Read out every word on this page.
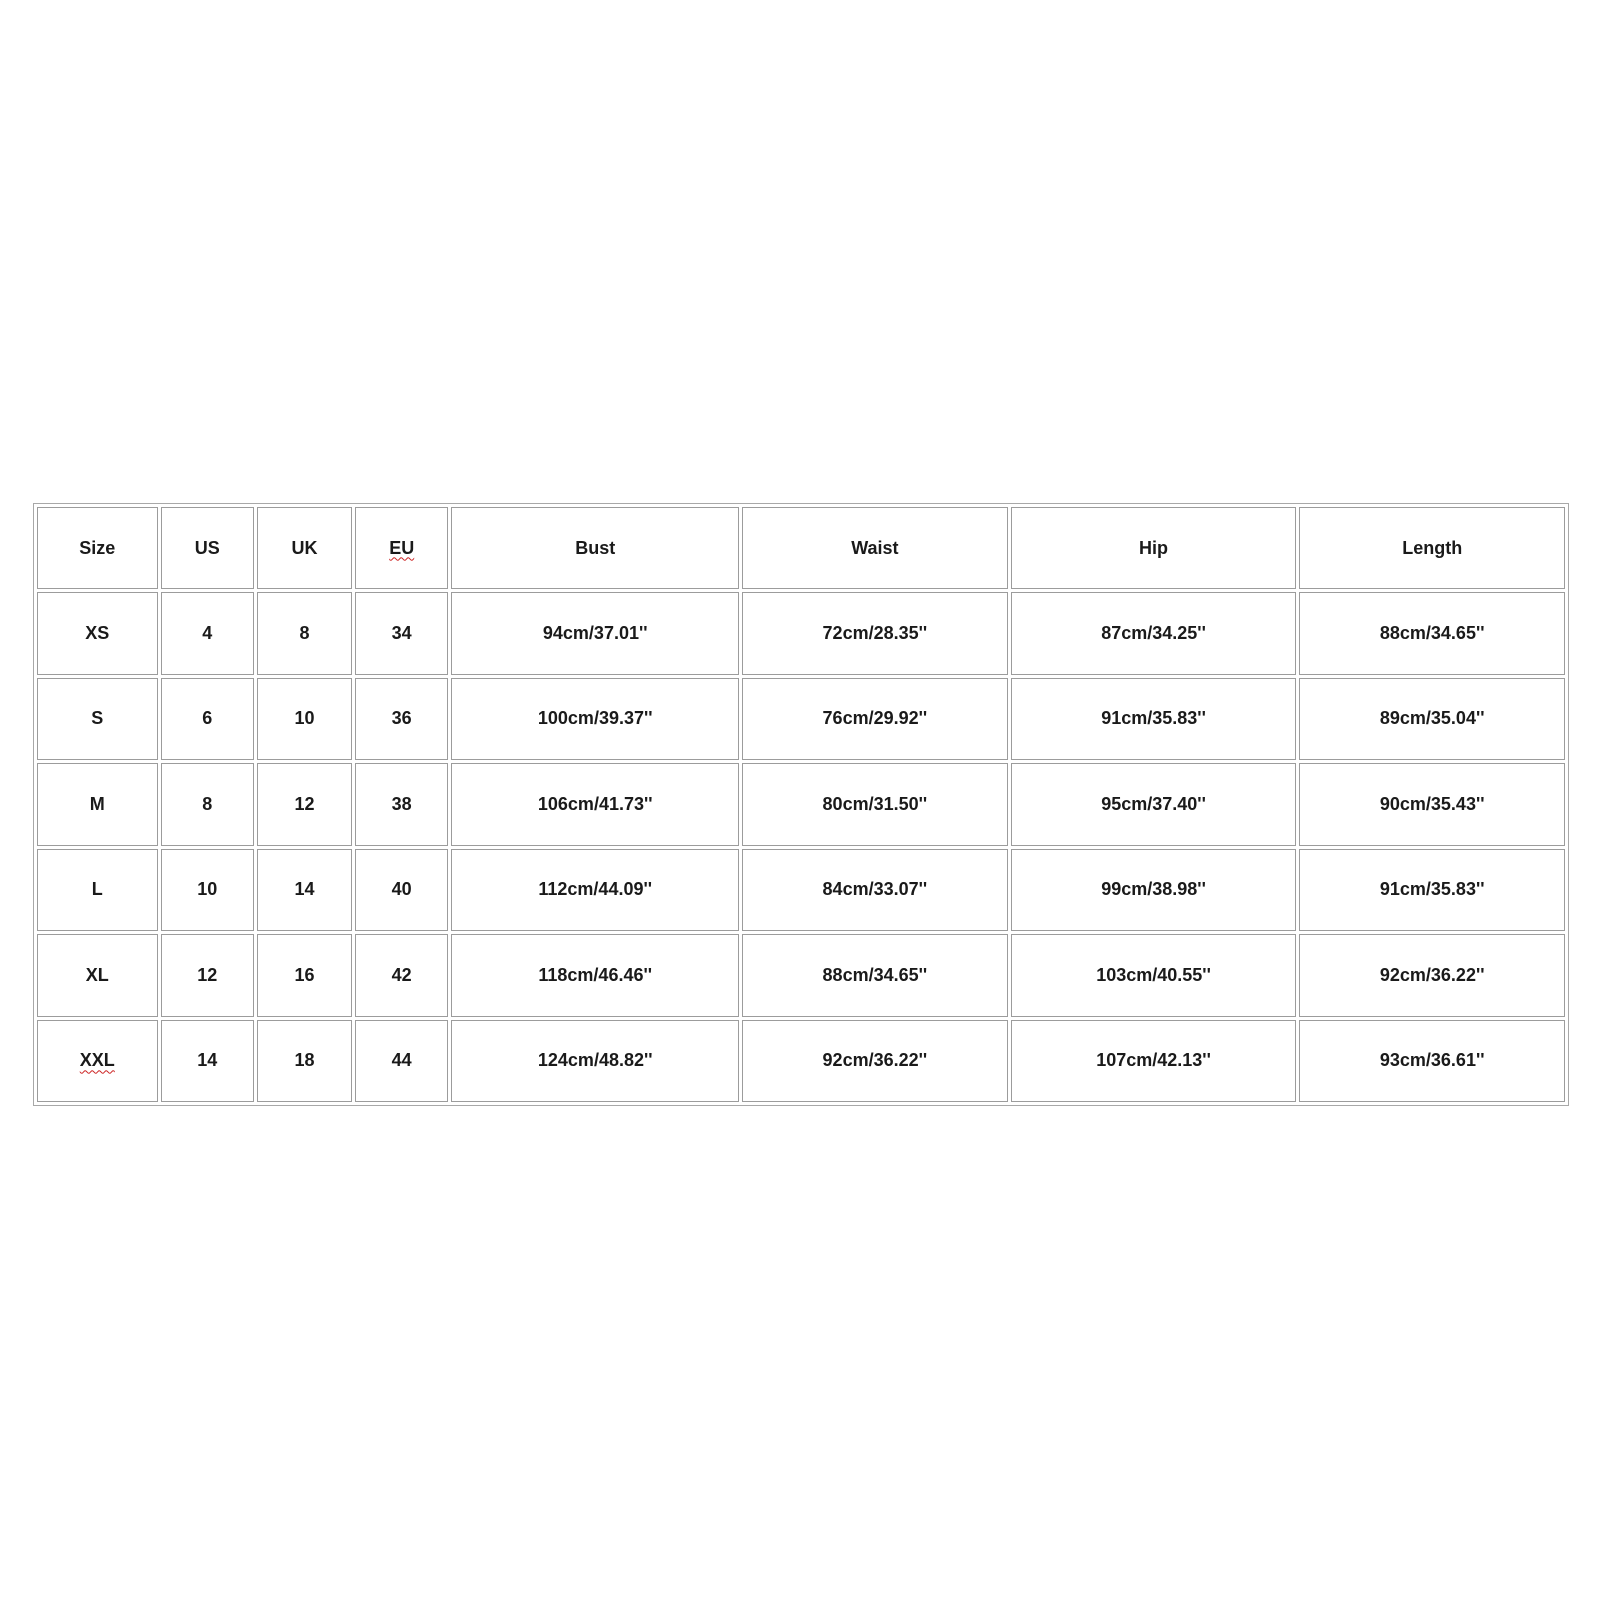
Size	US	UK	EU	Bust	Waist	Hip	Length
XS	4	8	34	94cm/37.01''	72cm/28.35''	87cm/34.25''	88cm/34.65''
S	6	10	36	100cm/39.37''	76cm/29.92''	91cm/35.83''	89cm/35.04''
M	8	12	38	106cm/41.73''	80cm/31.50''	95cm/37.40''	90cm/35.43''
L	10	14	40	112cm/44.09''	84cm/33.07''	99cm/38.98''	91cm/35.83''
XL	12	16	42	118cm/46.46''	88cm/34.65''	103cm/40.55''	92cm/36.22''
XXL	14	18	44	124cm/48.82''	92cm/36.22''	107cm/42.13''	93cm/36.61''
